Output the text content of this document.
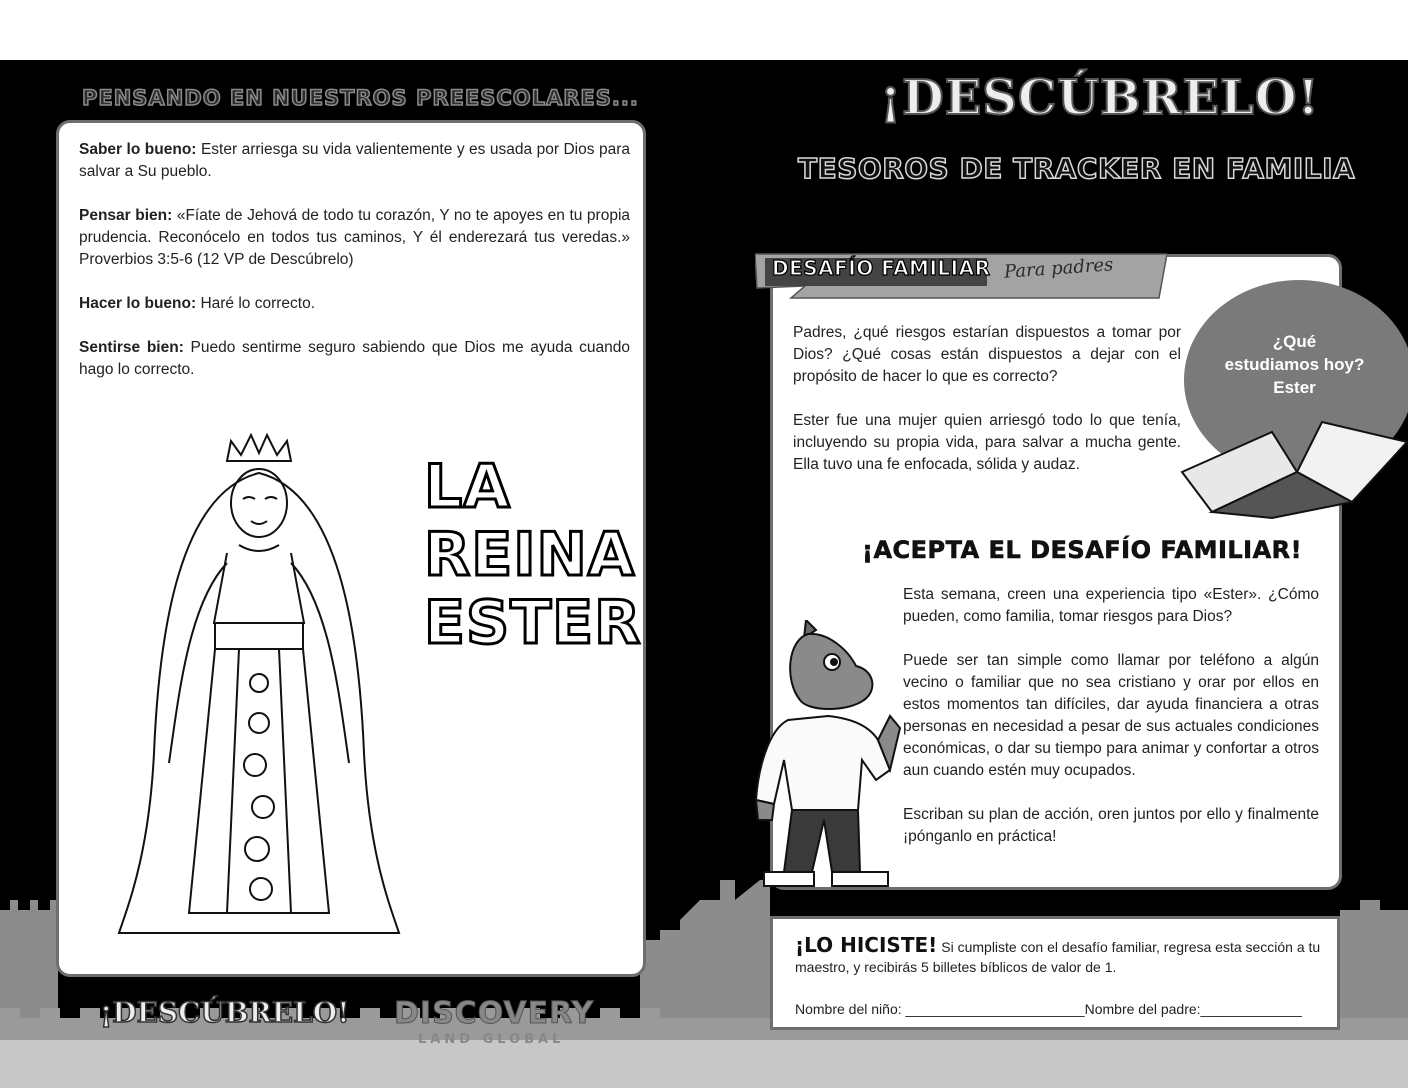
PENSANDO EN NUESTROS PREESCOLARES...

Saber lo bueno: Ester arriesga su vida valientemente y es usada por Dios para salvar a Su pueblo.

Pensar bien: «Fíate de Jehová de todo tu corazón, Y no te apoyes en tu propia prudencia. Reconócelo en todos tus caminos, Y él enderezará tus veredas.» Proverbios 3:5-6 (12 VP de Descúbrelo)

Hacer lo bueno: Haré lo correcto.

Sentirse bien: Puedo sentirme seguro sabiendo que Dios me ayuda cuando hago lo correcto.

LA
REINA
ESTER
¡DESCÚBRELO!
TESOROS DE TRACKER EN FAMILIA
DESAFÍO FAMILIAR Para padres

Padres, ¿qué riesgos estarían dispuestos a tomar por Dios? ¿Qué cosas están dispuestos a dejar con el propósito de hacer lo que es correcto?

Ester fue una mujer quien arriesgó todo lo que tenía, incluyendo su propia vida, para salvar a mucha gente. Ella tuvo una fe enfocada, sólida y audaz.

¿Qué
estudiamos hoy?
Ester
¡ACEPTA EL DESAFÍO FAMILIAR!

Esta semana, creen una experiencia tipo «Ester». ¿Cómo pueden, como familia, tomar riesgos para Dios?

Puede ser tan simple como llamar por teléfono a algún vecino o familiar que no sea cristiano y orar por ellos en estos momentos tan difíciles, dar ayuda financiera a otras personas en necesidad a pesar de sus actuales condiciones económicas, o dar su tiempo para animar y confortar a otros aun cuando estén muy ocupados.

Escriban su plan de acción, oren juntos por ello y finalmente ¡pónganlo en práctica!

¡LO HICISTE! Si cumpliste con el desafío familiar, regresa esta sección a tu maestro, y recibirás 5 billetes bíblicos de valor de 1.
Nombre del niño: _______________________Nombre del padre:_____________
¡DESCÚBRELO! DISCOVERY
LAND GLOBAL
